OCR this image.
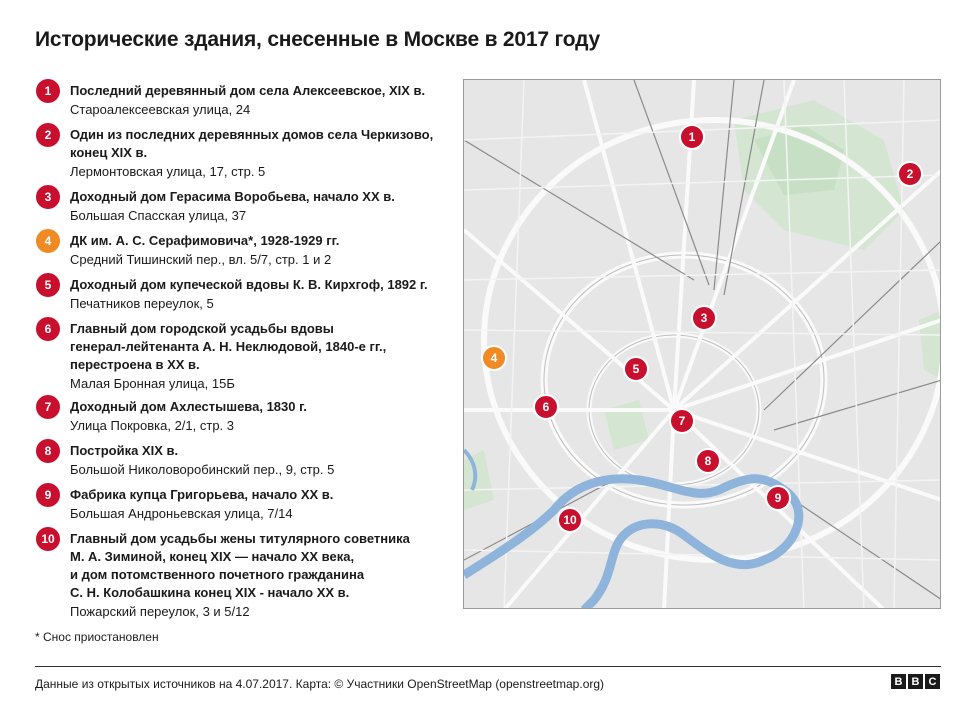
Исторические здания, снесенные в Москве в 2017 году
1	Последний деревянный дом села Алексеевское, XIX в.
Староалексеевская улица, 24
2	Один из последних деревянных домов села Черкизово,
конец XIX в.
Лермонтовская улица, 17, стр. 5
3	Доходный дом Герасима Воробьева, начало ХХ в.
Большая Спасская улица, 37
4	ДК им. А. С. Серафимовича*, 1928-1929 гг.
Средний Тишинский пер., вл. 5/7, стр. 1 и 2
5	Доходный дом купеческой вдовы К. В. Кирхгоф, 1892 г.
Печатников переулок, 5
6	Главный дом городской усадьбы вдовы
генерал-лейтенанта А. Н. Неклюдовой, 1840-е гг.,
перестроена в ХХ в.
Малая Бронная улица, 15Б
7	Доходный дом Ахлестышева, 1830 г.
Улица Покровка, 2/1, стр. 3
8	Постройка XIX в.
Большой Николоворобинский пер., 9, стр. 5
9	Фабрика купца Григорьева, начало ХХ в.
Большая Андроньевская улица, 7/14
10	Главный дом усадьбы жены титулярного советника
М. А. Зиминой, конец XIX — начало XX века,
и дом потомственного почетного гражданина
С. Н. Колобашкина конец XIX - начало XX в.
Пожарский переулок, 3 и 5/12
1
2
3
4
5
6
7
8
9
10
* Снос приостановлен
Данные из открытых источников на 4.07.2017. Карта: © Участники OpenStreetMap (openstreetmap.org)	B B C
